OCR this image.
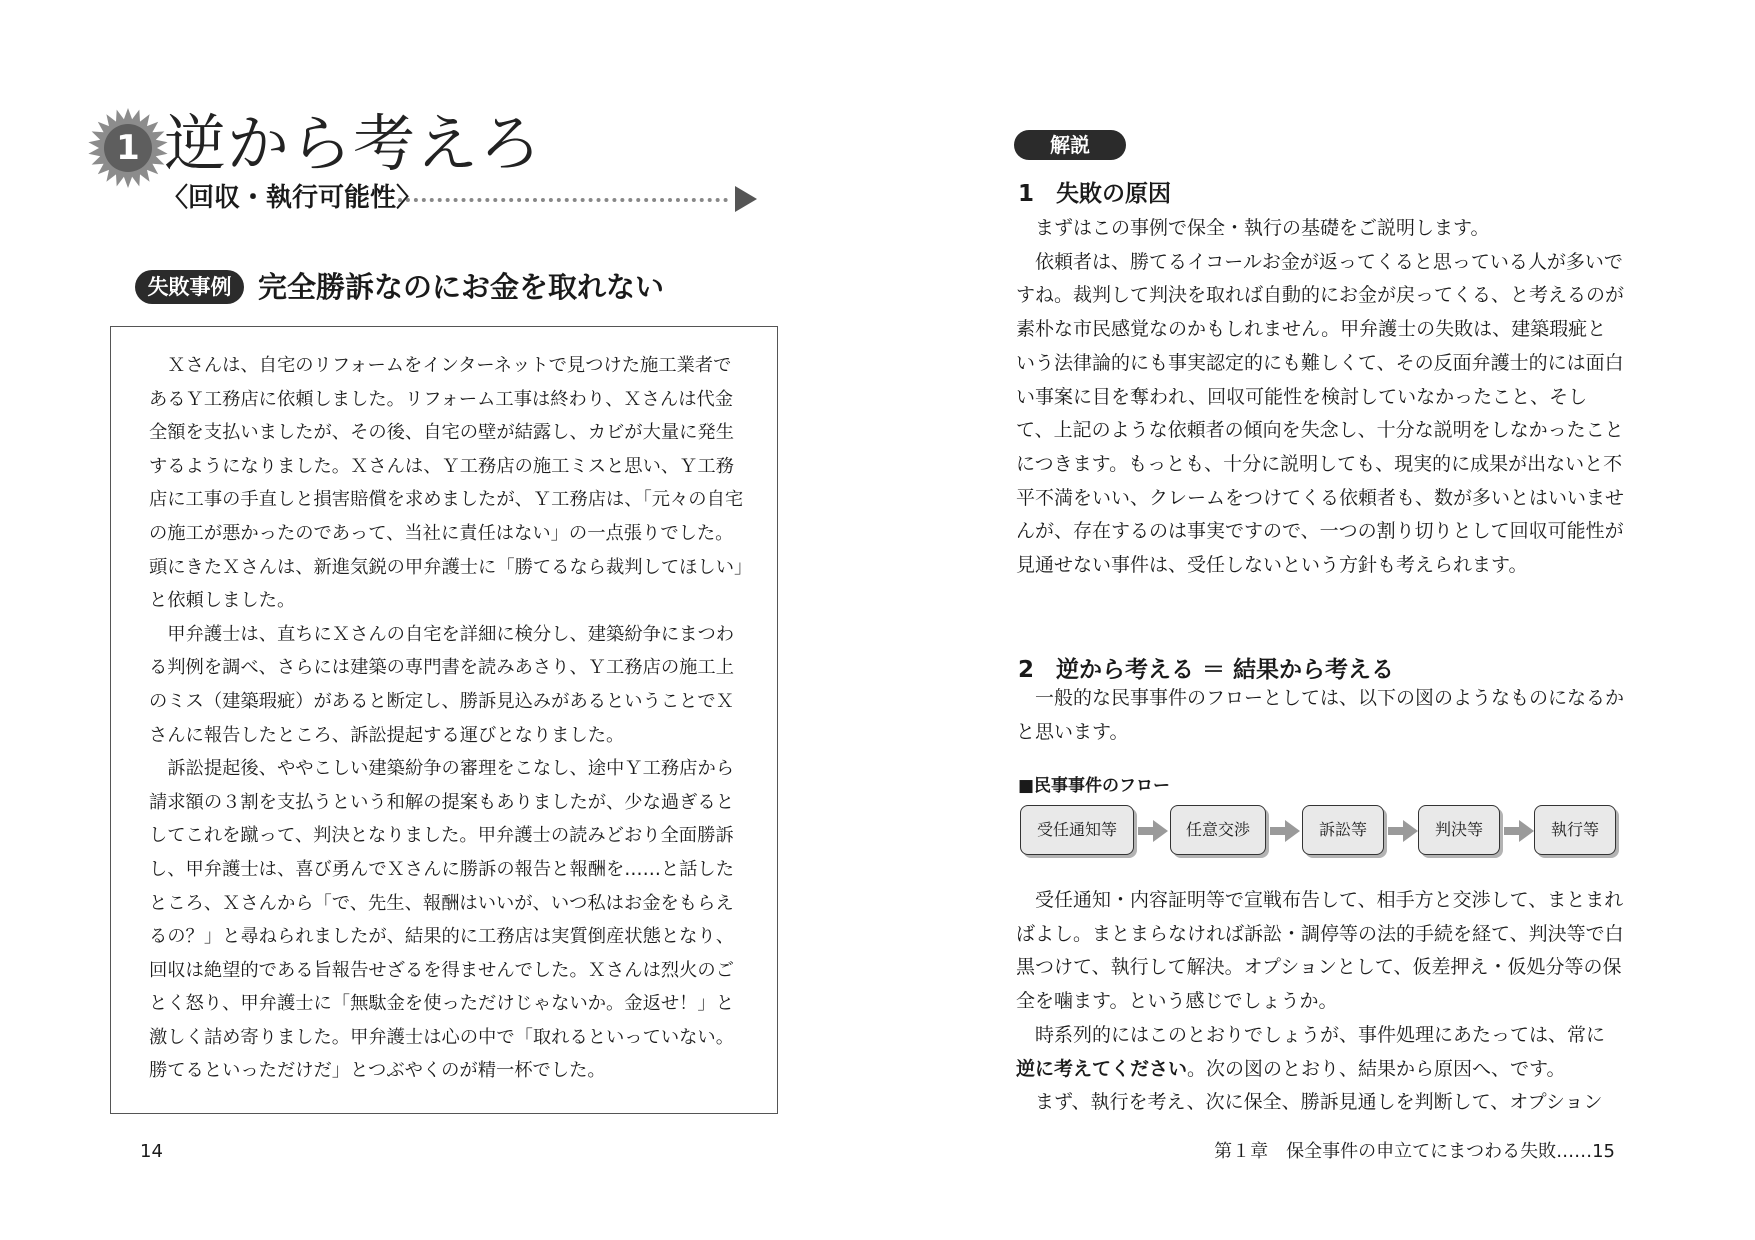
1 逆から考えろ
〈回収・執行可能性〉
失敗事例 完全勝訴なのにお金を取れない

Ｘさんは、自宅のリフォームをインターネットで見つけた施工業者であるＹ工務店に依頼しました。リフォーム工事は終わり、Ｘさんは代金全額を支払いましたが、その後、自宅の壁が結露し、カビが大量に発生するようになりました。Ｘさんは、Ｙ工務店の施工ミスと思い、Ｙ工務店に工事の手直しと損害賠償を求めましたが、Ｙ工務店は、「元々の自宅の施工が悪かったのであって、当社に責任はない」の一点張りでした。頭にきたＸさんは、新進気鋭の甲弁護士に「勝てるなら裁判してほしい」と依頼しました。

甲弁護士は、直ちにＸさんの自宅を詳細に検分し、建築紛争にまつわる判例を調べ、さらには建築の専門書を読みあさり、Ｙ工務店の施工上のミス（建築瑕疵）があると断定し、勝訴見込みがあるということでＸさんに報告したところ、訴訟提起する運びとなりました。

訴訟提起後、ややこしい建築紛争の審理をこなし、途中Ｙ工務店から請求額の３割を支払うという和解の提案もありましたが、少な過ぎるとしてこれを蹴って、判決となりました。甲弁護士の読みどおり全面勝訴し、甲弁護士は、喜び勇んでＸさんに勝訴の報告と報酬を……と話したところ、Ｘさんから「で、先生、報酬はいいが、いつ私はお金をもらえるの？」と尋ねられましたが、結果的に工務店は実質倒産状態となり、回収は絶望的である旨報告せざるを得ませんでした。Ｘさんは烈火のごとく怒り、甲弁護士に「無駄金を使っただけじゃないか。金返せ！」と激しく詰め寄りました。甲弁護士は心の中で「取れるといっていない。勝てるといっただけだ」とつぶやくのが精一杯でした。

14
解説
1 失敗の原因

まずはこの事例で保全・執行の基礎をご説明します。

依頼者は、勝てるイコールお金が返ってくると思っている人が多いですね。裁判して判決を取れば自動的にお金が戻ってくる、と考えるのが素朴な市民感覚なのかもしれません。甲弁護士の失敗は、建築瑕疵という法律論的にも事実認定的にも難しくて、その反面弁護士的には面白い事案に目を奪われ、回収可能性を検討していなかったこと、そして、上記のような依頼者の傾向を失念し、十分な説明をしなかったことにつきます。もっとも、十分に説明しても、現実的に成果が出ないと不平不満をいい、クレームをつけてくる依頼者も、数が多いとはいいませんが、存在するのは事実ですので、一つの割り切りとして回収可能性が見通せない事件は、受任しないという方針も考えられます。

2 逆から考える ＝ 結果から考える

一般的な民事事件のフローとしては、以下の図のようなものになるかと思います。

■民事事件のフロー
受任通知等	任意交渉	訴訟等	判決等	執行等

受任通知・内容証明等で宣戦布告して、相手方と交渉して、まとまればよし。まとまらなければ訴訟・調停等の法的手続を経て、判決等で白黒つけて、執行して解決。オプションとして、仮差押え・仮処分等の保全を噛ます。という感じでしょうか。

時系列的にはこのとおりでしょうが、事件処理にあたっては、常に逆に考えてください。次の図のとおり、結果から原因へ、です。

まず、執行を考え、次に保全、勝訴見通しを判断して、オプション

第１章　保全事件の申立てにまつわる失敗……15
